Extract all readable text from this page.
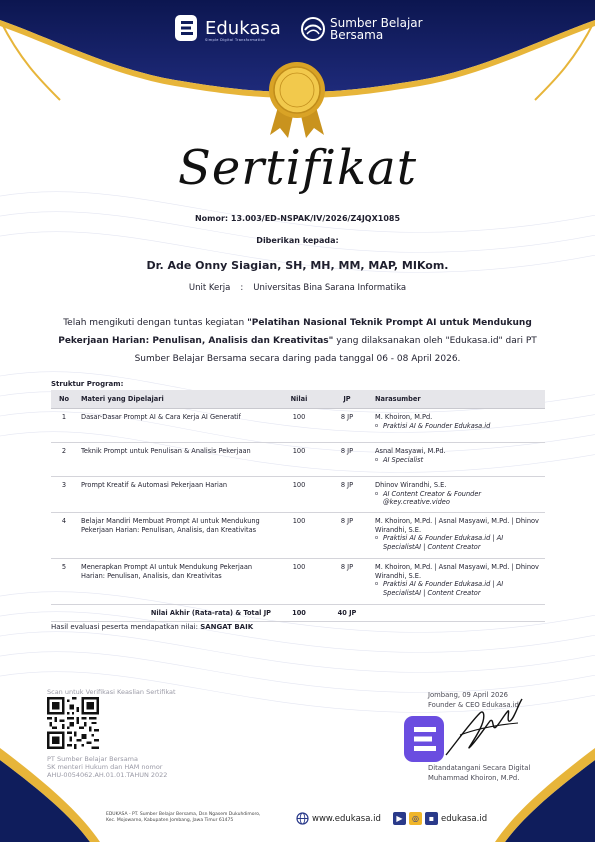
Edukasa
Simple Digital Transformation
Sumber Belajar
Bersama
Sertifikat
Nomor: 13.003/ED-NSPAK/IV/2026/Z4JQX1085
Diberikan kepada:
Dr. Ade Onny Siagian, SH, MH, MM, MAP, MIKom.
Unit Kerja : Universitas Bina Sarana Informatika
Telah mengikuti dengan tuntas kegiatan "Pelatihan Nasional Teknik Prompt AI untuk Mendukung Pekerjaan Harian: Penulisan, Analisis dan Kreativitas" yang dilaksanakan oleh "Edukasa.id" dari PT Sumber Belajar Bersama secara daring pada tanggal 06 - 08 April 2026.
Struktur Program:
No	Materi yang Dipelajari	Nilai	JP	Narasumber
1	Dasar-Dasar Prompt AI & Cara Kerja AI Generatif	100	8 JP	M. Khoiron, M.Pd.
o Praktisi AI & Founder Edukasa.id

2	Teknik Prompt untuk Penulisan & Analisis Pekerjaan	100	8 JP	Asnal Masyawi, M.Pd.
o AI Specialist

3	Prompt Kreatif & Automasi Pekerjaan Harian	100	8 JP	Dhinov Wirandhi, S.E.
o AI Content Creator & Founder @key.creative.video

4	Belajar Mandiri Membuat Prompt AI untuk Mendukung Pekerjaan Harian: Penulisan, Analisis, dan Kreativitas	100	8 JP	M. Khoiron, M.Pd. | Asnal Masyawi, M.Pd. | Dhinov Wirandhi, S.E.
o Praktisi AI & Founder Edukasa.id | AI SpecialistAI | Content Creator

5	Menerapkan Prompt AI untuk Mendukung Pekerjaan Harian: Penulisan, Analisis, dan Kreativitas	100	8 JP	M. Khoiron, M.Pd. | Asnal Masyawi, M.Pd. | Dhinov Wirandhi, S.E.
o Praktisi AI & Founder Edukasa.id | AI SpecialistAI | Content Creator

	Nilai Akhir (Rata-rata) & Total JP	100	40 JP	
Hasil evaluasi peserta mendapatkan nilai: SANGAT BAIK
Scan untuk Verifikasi Keaslian Sertifikat
PT Sumber Belajar Bersama
SK menteri Hukum dan HAM nomor
AHU-0054062.AH.01.01.TAHUN 2022
Jombang, 09 April 2026
Founder & CEO Edukasa.id
Ditandatangani Secara Digital
Muhammad Khoiron, M.Pd.
EDUKASA - PT. Sumber Belajar Bersama, Dsn Ngasem Dukuhdimoro,
Kec. Mojowarno, Kabupaten Jombang, Jawa Timur 61475	www.edukasa.id	▶	◎	▪ edukasa.id
